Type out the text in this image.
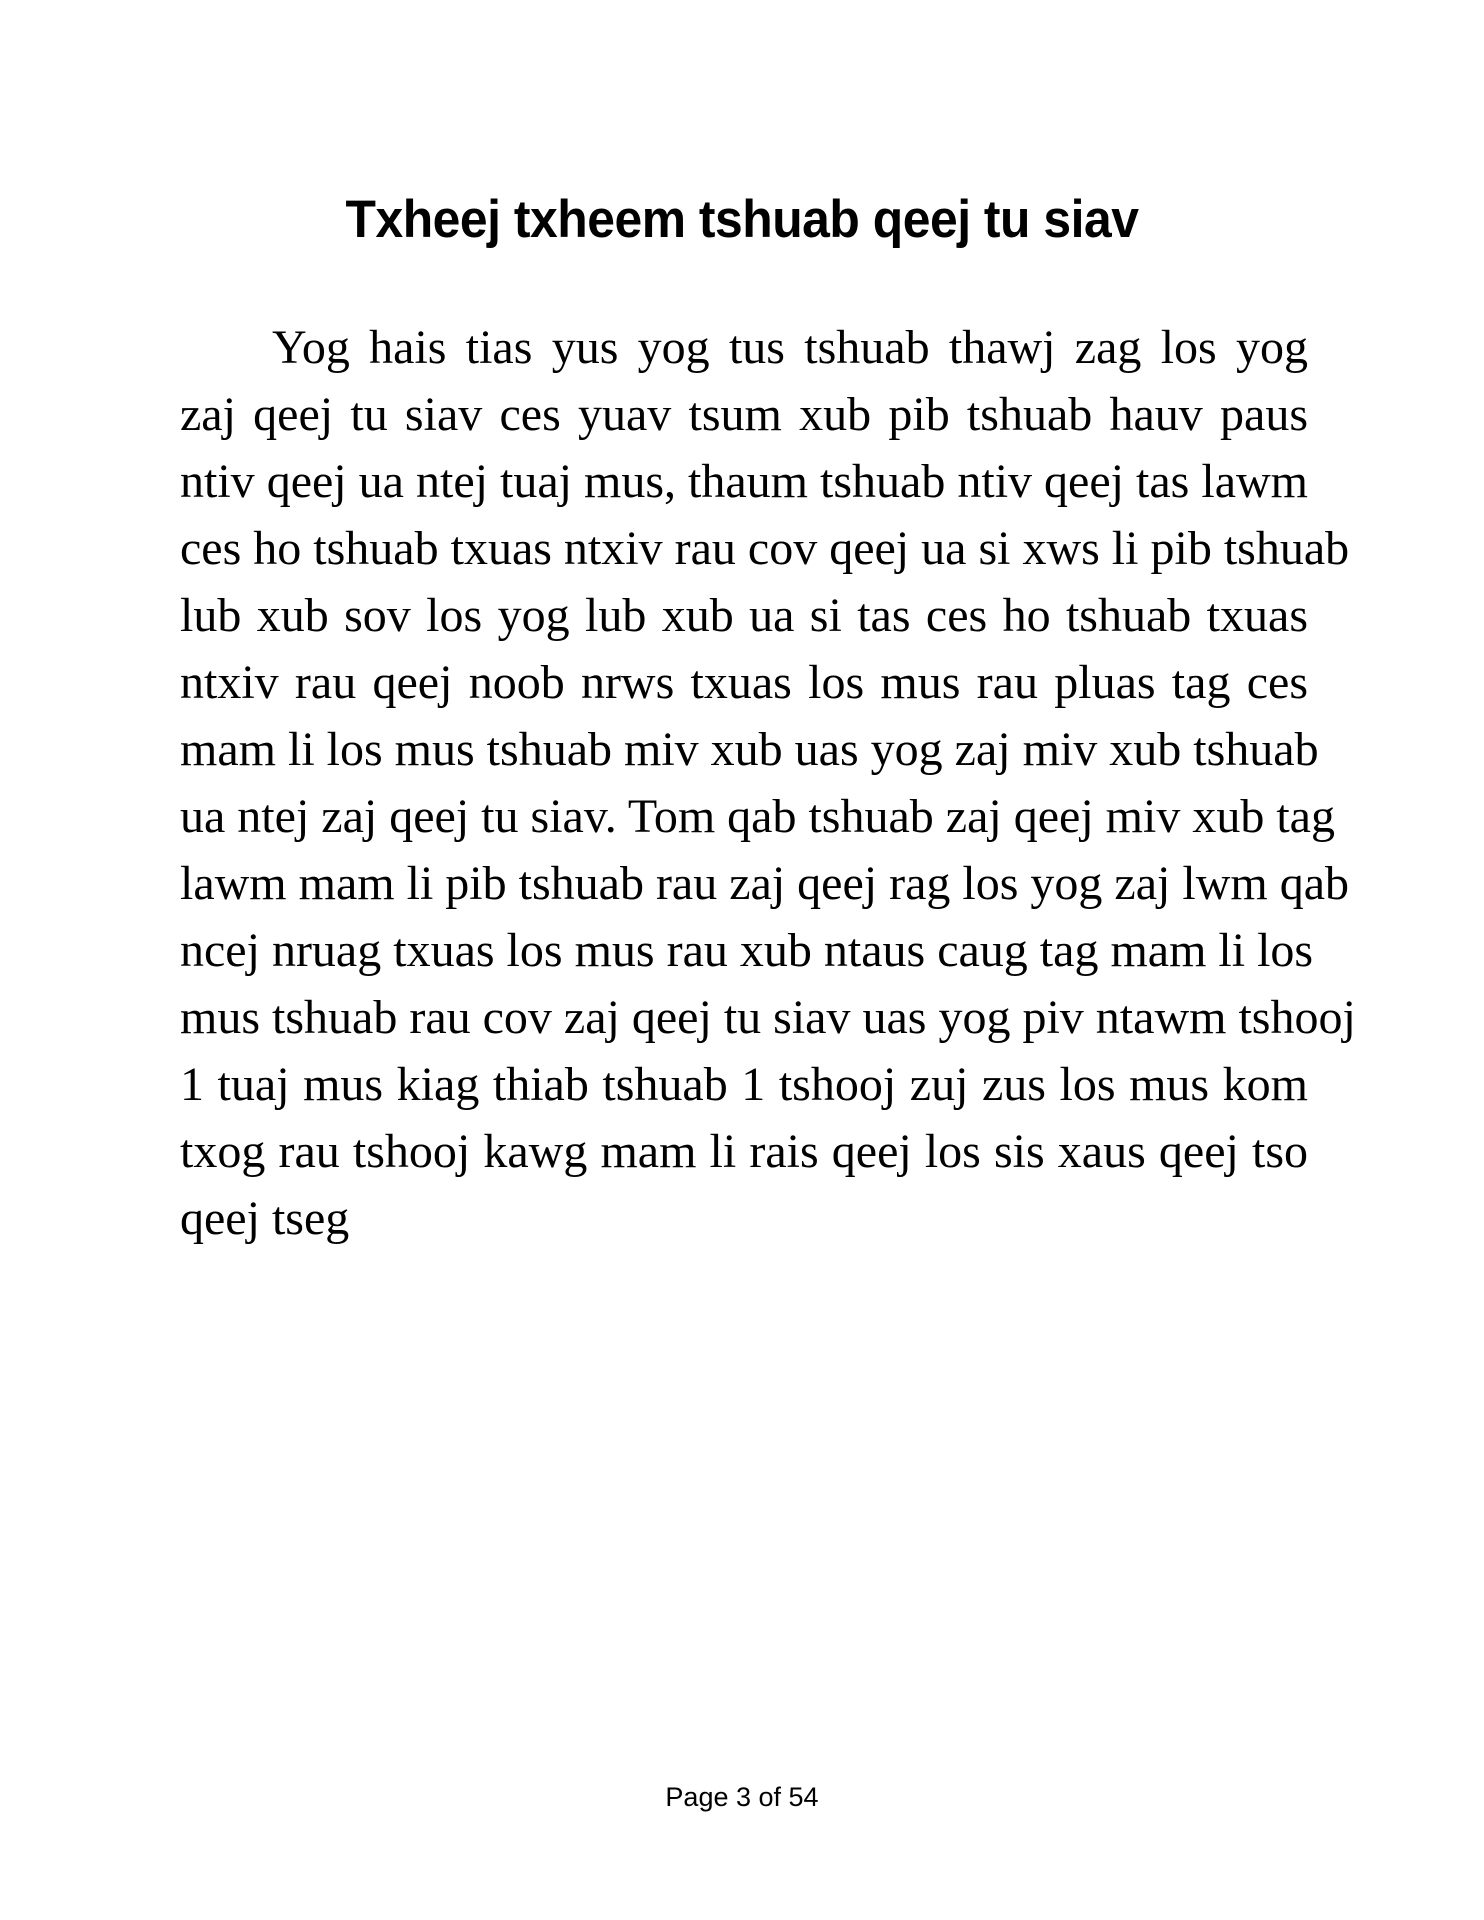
Txheej txheem tshuab qeej tu siav
Yog hais tias yus yog tus tshuab thawj zag los yog
zaj qeej tu siav ces yuav tsum xub pib tshuab hauv paus
ntiv qeej ua ntej tuaj mus, thaum tshuab ntiv qeej tas lawm
ces ho tshuab txuas ntxiv rau cov qeej ua si xws li pib tshuab
lub xub sov los yog lub xub ua si tas ces ho tshuab txuas
ntxiv rau qeej noob nrws txuas los mus rau pluas tag ces
mam li los mus tshuab miv xub uas yog zaj miv xub tshuab
ua ntej zaj qeej tu siav. Tom qab tshuab zaj qeej miv xub tag
lawm mam li pib tshuab rau zaj qeej rag los yog zaj lwm qab
ncej nruag txuas los mus rau xub ntaus caug tag mam li los
mus tshuab rau cov zaj qeej tu siav uas yog piv ntawm tshooj
1 tuaj mus kiag thiab tshuab 1 tshooj zuj zus los mus kom
txog rau tshooj kawg mam li rais qeej los sis xaus qeej tso
qeej tseg
Page 3 of 54
